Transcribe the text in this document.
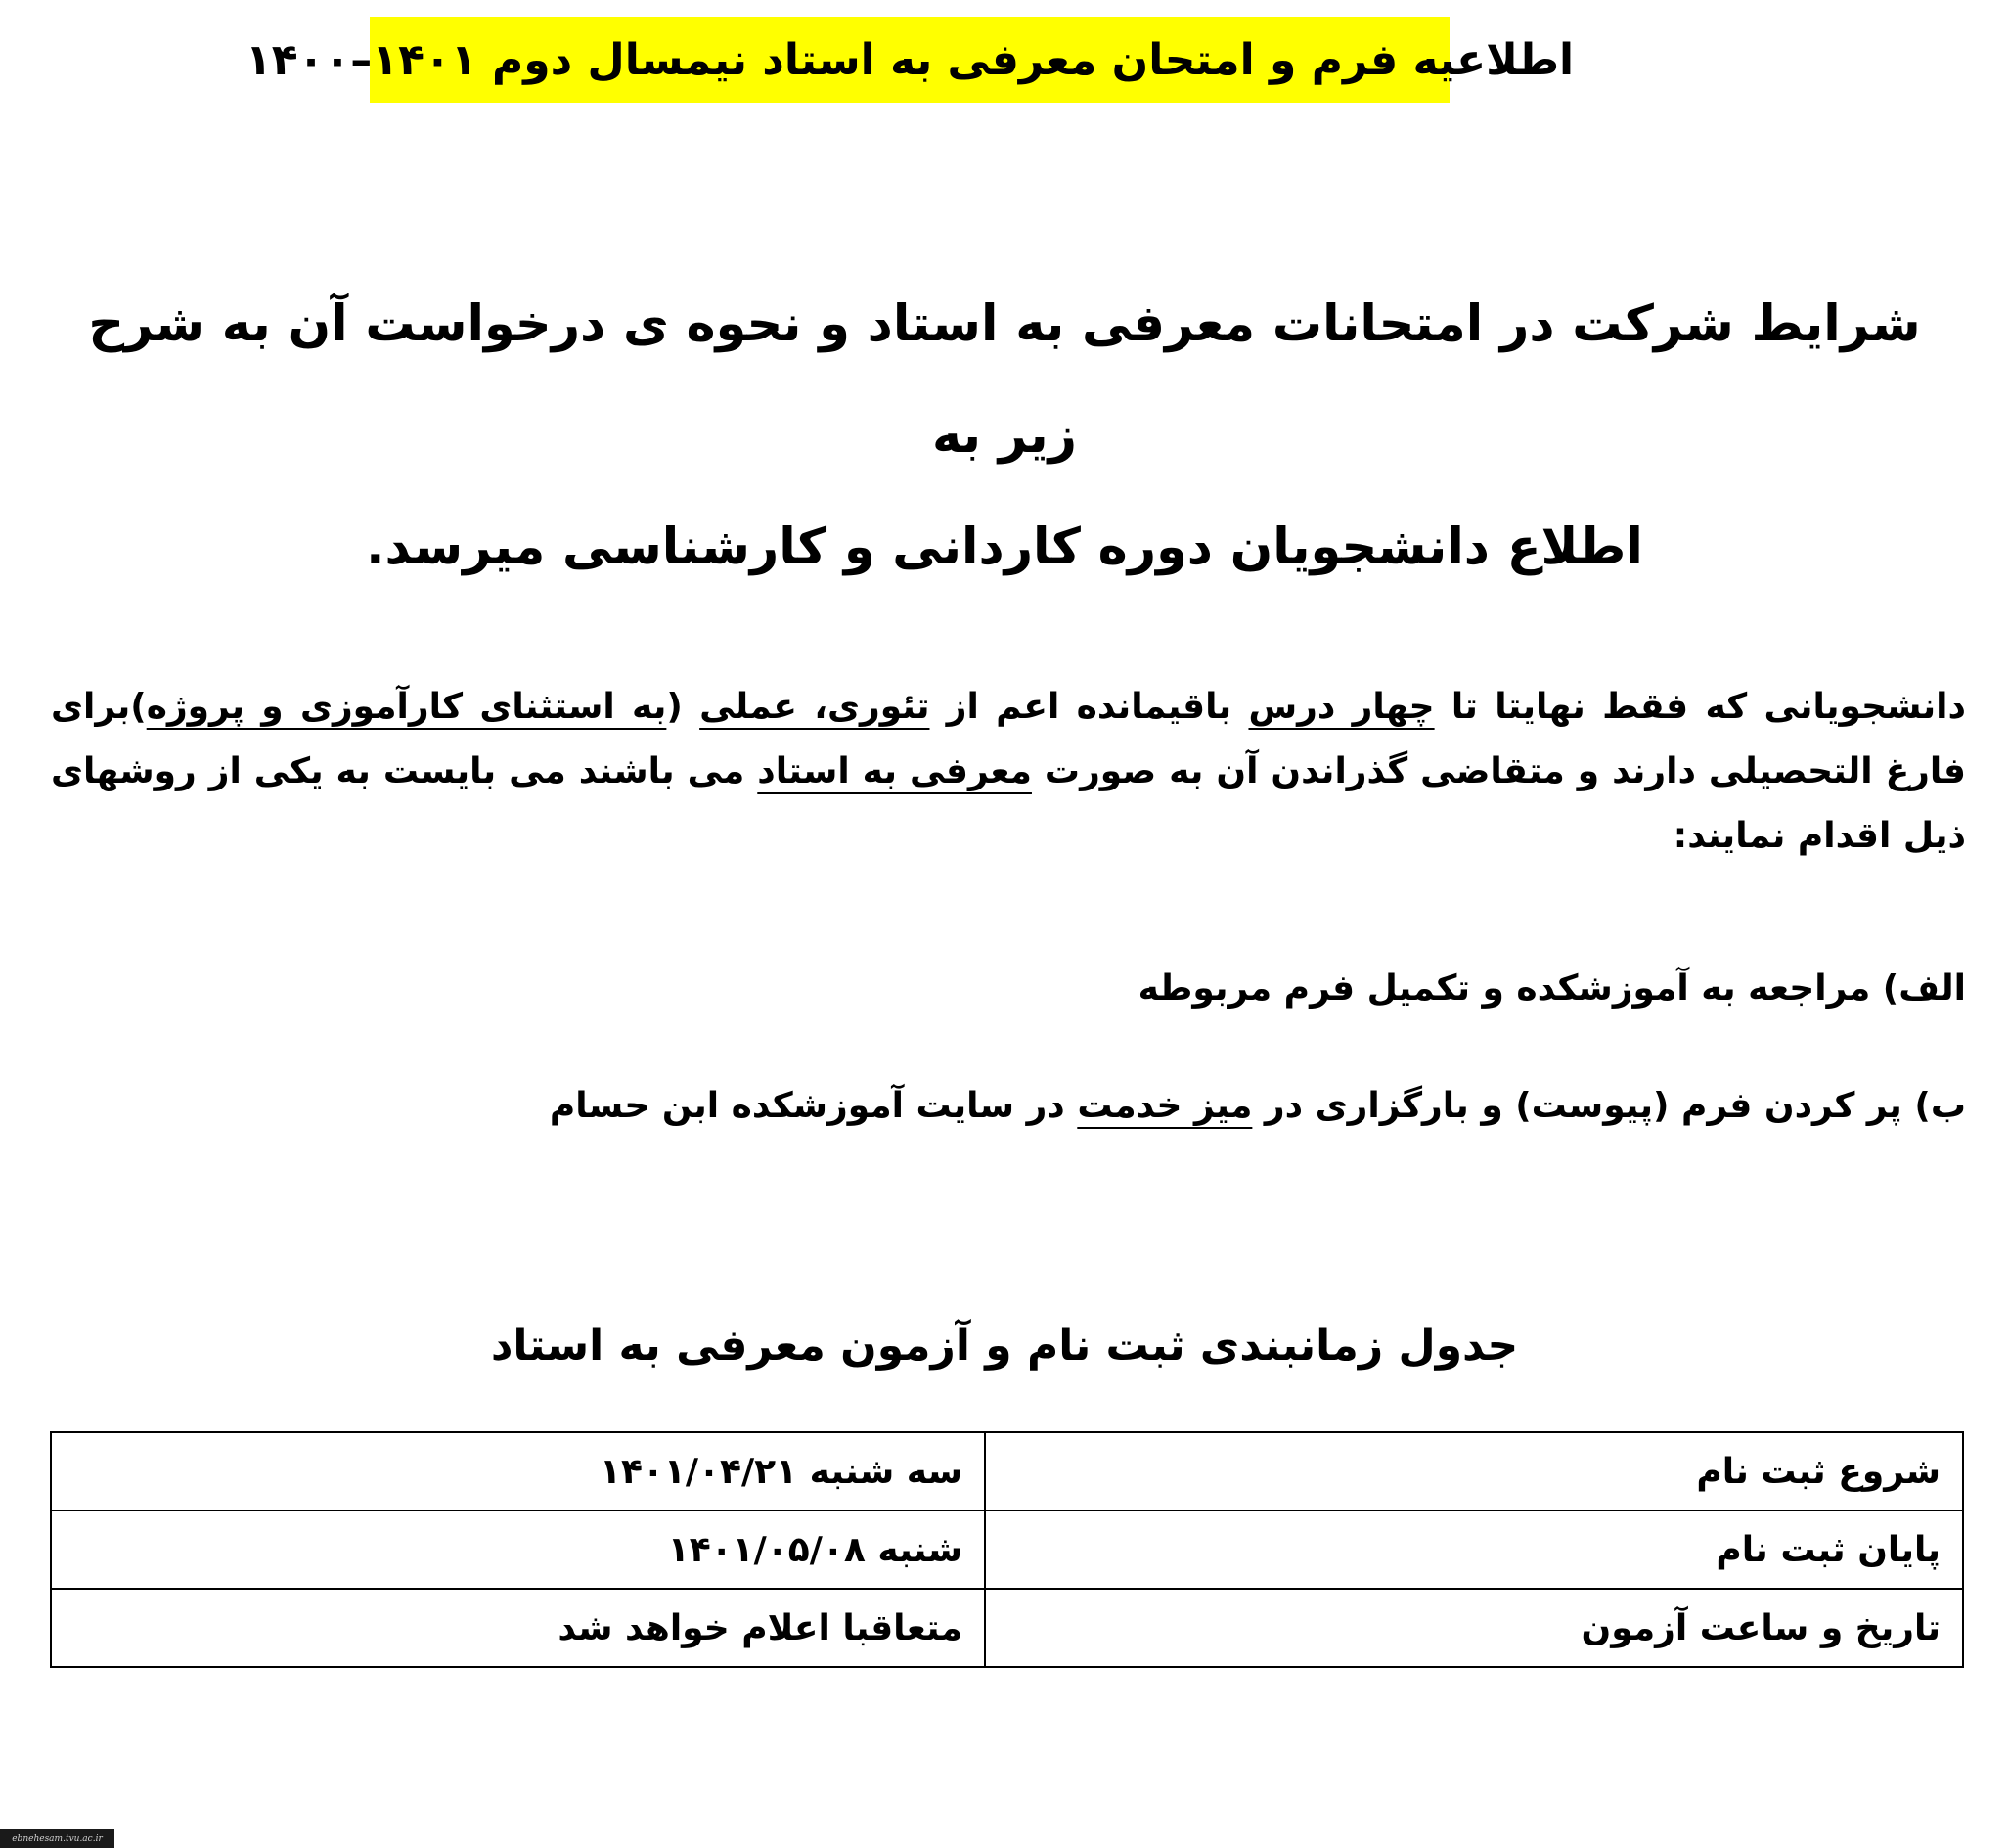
اطلاعیه فرم و امتحان معرفی به استاد نیمسال دوم ۱۴۰۱–۱۴۰۰
شرایط شرکت در امتحانات معرفی به استاد و نحوه ی درخواست آن به شرح زیر به
اطلاع دانشجویان دوره کاردانی و کارشناسی میرسد.
دانشجویانی که فقط نهایتا تا چهار درس باقیمانده اعم از تئوری، عملی (به استثنای کارآموزی و پروژه)برای فارغ التحصیلی دارند و متقاضی گذراندن آن به صورت معرفی به استاد می باشند می بایست به یکی از روشهای ذیل اقدام نمایند:
الف) مراجعه به آموزشکده و تکمیل فرم مربوطه
ب) پر کردن فرم (پیوست) و بارگزاری در میز خدمت در سایت آموزشکده ابن حسام
جدول زمانبندی ثبت نام و آزمون معرفی به استاد
شروع ثبت نام	سه شنبه ۱۴۰۱/۰۴/۲۱
پایان ثبت نام	شنبه ۱۴۰۱/۰۵/۰۸
تاریخ و ساعت آزمون	متعاقبا اعلام خواهد شد
ebnehesam.tvu.ac.ir
